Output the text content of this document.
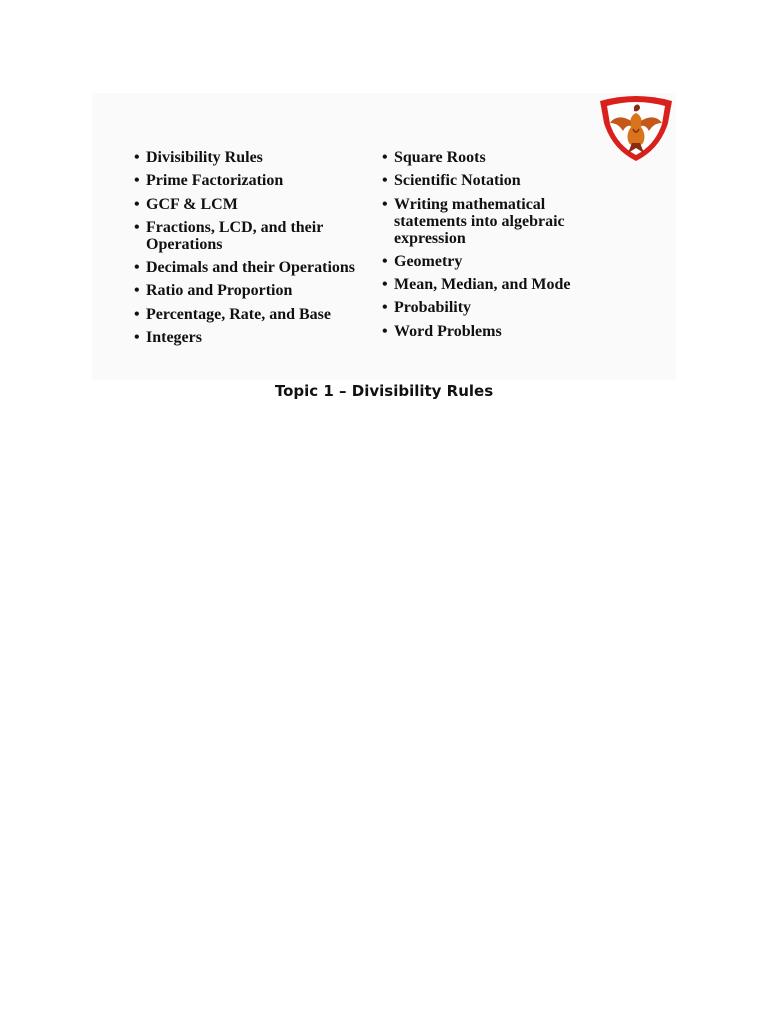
• Divisibility Rules
• Prime Factorization
• GCF & LCM
• Fractions, LCD, and their Operations
• Decimals and their Operations
• Ratio and Proportion
• Percentage, Rate, and Base
• Integers
• Square Roots
• Scientific Notation
• Writing mathematical statements into algebraic expression
• Geometry
• Mean, Median, and Mode
• Probability
• Word Problems
Topic 1 – Divisibility Rules
